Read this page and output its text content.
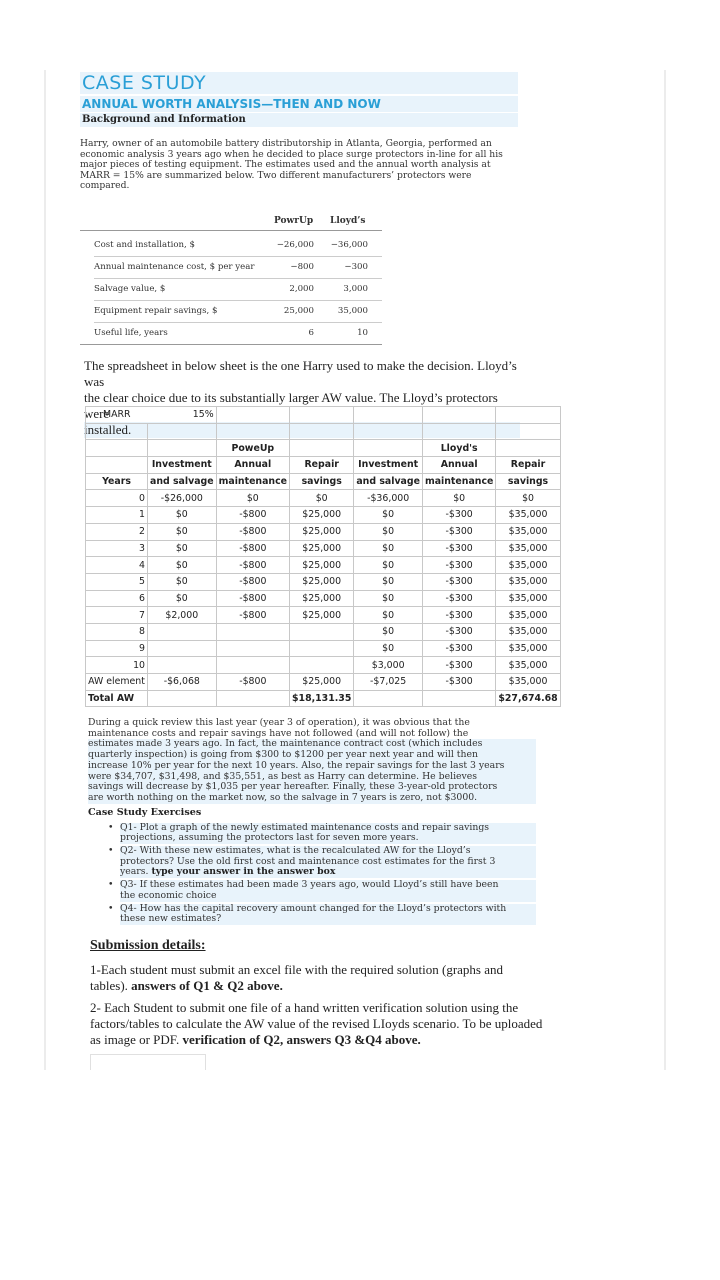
CASE STUDY
ANNUAL WORTH ANALYSIS—THEN AND NOW
Background and Information

Harry, owner of an automobile battery distributorship in Atlanta, Georgia, performed an economic analysis 3 years ago when he decided to place surge protectors in-line for all his major pieces of testing equipment. The estimates used and the annual worth analysis at MARR = 15% are summarized below. Two different manufacturers’ protectors were compared.

PowrUp Lloyd’s
Cost and installation, $	−26,000 −36,000
Annual maintenance cost, $ per year	−800	−300
Salvage value, $	2,000	3,000
Equipment repair savings, $	25,000	35,000
Useful life, years	6	10
The spreadsheet in below sheet is the one Harry used to make the decision. Lloyd’s was
the clear choice due to its substantially larger AW value. The Lloyd’s protectors were
installed.
MARR	15%					

		PoweUp			Lloyd's	
	Investment	Annual	Repair	Investment	Annual	Repair
Years	and salvage	maintenance	savings	and salvage	maintenance	savings
0	-$26,000	$0	$0	-$36,000	$0	$0
1	$0	-$800	$25,000	$0	-$300	$35,000
2	$0	-$800	$25,000	$0	-$300	$35,000
3	$0	-$800	$25,000	$0	-$300	$35,000
4	$0	-$800	$25,000	$0	-$300	$35,000
5	$0	-$800	$25,000	$0	-$300	$35,000
6	$0	-$800	$25,000	$0	-$300	$35,000
7	$2,000	-$800	$25,000	$0	-$300	$35,000
8				$0	-$300	$35,000
9				$0	-$300	$35,000
10				$3,000	-$300	$35,000
AW element	-$6,068	-$800	$25,000	-$7,025	-$300	$35,000
Total AW			$18,131.35			$27,674.68
During a quick review this last year (year 3 of operation), it was obvious that the
maintenance costs and repair savings have not followed (and will not follow) the
estimates made 3 years ago. In fact, the maintenance contract cost (which includes
quarterly inspection) is going from $300 to $1200 per year next year and will then
increase 10% per year for the next 10 years. Also, the repair savings for the last 3 years
were $34,707, $31,498, and $35,551, as best as Harry can determine. He believes
savings will decrease by $1,035 per year hereafter. Finally, these 3-year-old protectors
are worth nothing on the market now, so the salvage in 7 years is zero, not $3000.
Case Study Exercises
• Q1- Plot a graph of the newly estimated maintenance costs and repair savings
projections, assuming the protectors last for seven more years.
• Q2- With these new estimates, what is the recalculated AW for the Lloyd’s
protectors? Use the old first cost and maintenance cost estimates for the first 3
years. type your answer in the answer box
• Q3- If these estimates had been made 3 years ago, would Lloyd’s still have been
the economic choice
• Q4- How has the capital recovery amount changed for the Lloyd’s protectors with
these new estimates?
Submission details:
1-Each student must submit an excel file with the required solution (graphs and
tables). answers of Q1 & Q2 above.
2- Each Student to submit one file of a hand written verification solution using the
factors/tables to calculate the AW value of the revised LIoyds scenario. To be uploaded
as image or PDF. verification of Q2, answers Q3 &Q4 above.
